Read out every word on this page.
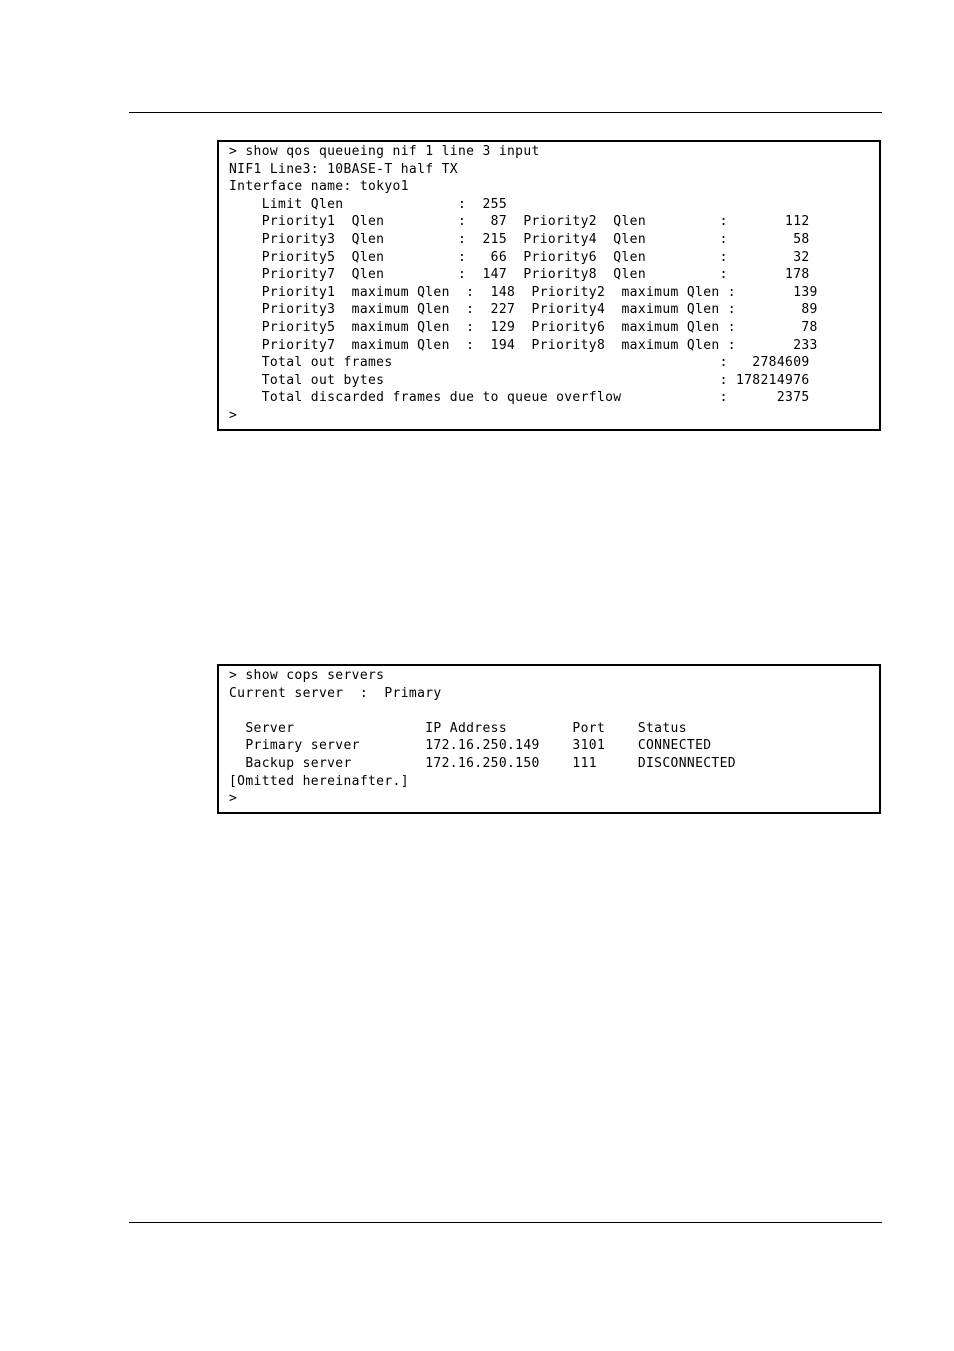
> show qos queueing nif 1 line 3 input
NIF1 Line3: 10BASE-T half TX
Interface name: tokyo1
Limit Qlen              :  255
Priority1  Qlen         :   87  Priority2  Qlen         :       112
Priority3  Qlen         :  215  Priority4  Qlen         :        58
Priority5  Qlen         :   66  Priority6  Qlen         :        32
Priority7  Qlen         :  147  Priority8  Qlen         :       178
Priority1  maximum Qlen  :  148  Priority2  maximum Qlen :       139
Priority3  maximum Qlen  :  227  Priority4  maximum Qlen :        89
Priority5  maximum Qlen  :  129  Priority6  maximum Qlen :        78
Priority7  maximum Qlen  :  194  Priority8  maximum Qlen :       233
Total out frames                                        :   2784609
Total out bytes                                         : 178214976
Total discarded frames due to queue overflow            :      2375
>
> show cops servers
Current server  :  Primary
Server                IP Address        Port    Status
Primary server        172.16.250.149    3101    CONNECTED
Backup server         172.16.250.150    111     DISCONNECTED
[Omitted hereinafter.]
>
